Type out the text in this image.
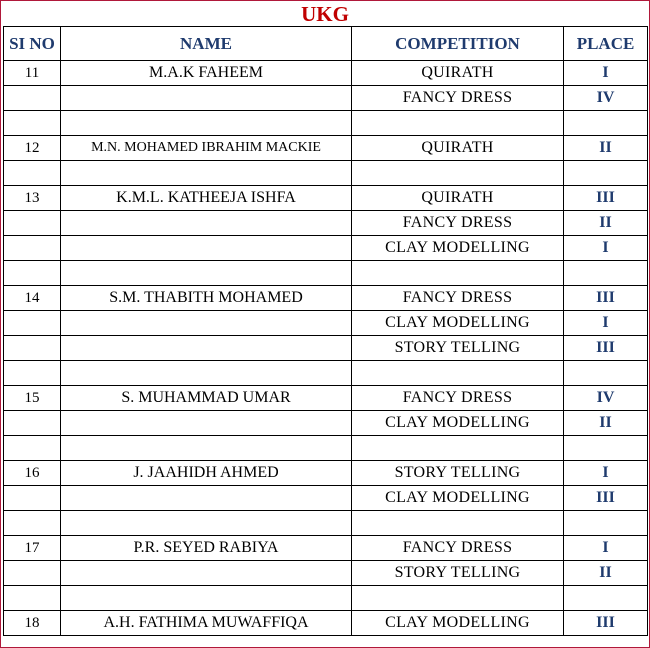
UKG
SI NO	NAME	COMPETITION	PLACE
11	M.A.K FAHEEM	QUIRATH	I
		FANCY DRESS	IV

12	M.N. MOHAMED IBRAHIM MACKIE	QUIRATH	II

13	K.M.L. KATHEEJA ISHFA	QUIRATH	III
		FANCY DRESS	II
		CLAY MODELLING	I

14	S.M. THABITH MOHAMED	FANCY DRESS	III
		CLAY MODELLING	I
		STORY TELLING	III

15	S. MUHAMMAD UMAR	FANCY DRESS	IV
		CLAY MODELLING	II

16	J. JAAHIDH AHMED	STORY TELLING	I
		CLAY MODELLING	III

17	P.R. SEYED RABIYA	FANCY DRESS	I
		STORY TELLING	II

18	A.H. FATHIMA MUWAFFIQA	CLAY MODELLING	III
